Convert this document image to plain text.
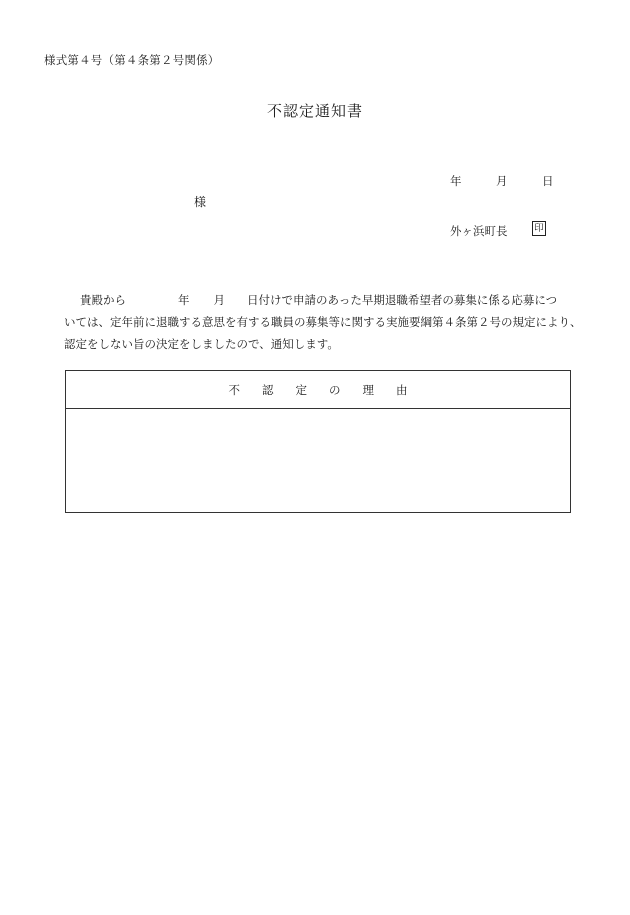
様式第４号（第４条第２号関係）
不認定通知書
年	月	日
様
外ヶ浜町長	印
貴殿から	年 月 日付けで申請のあった早期退職希望者の募集に係る応募につ
いては、定年前に退職する意思を有する職員の募集等に関する実施要綱第４条第２号の規定により、
認定をしない旨の決定をしましたので、通知します。
不認定の理由
